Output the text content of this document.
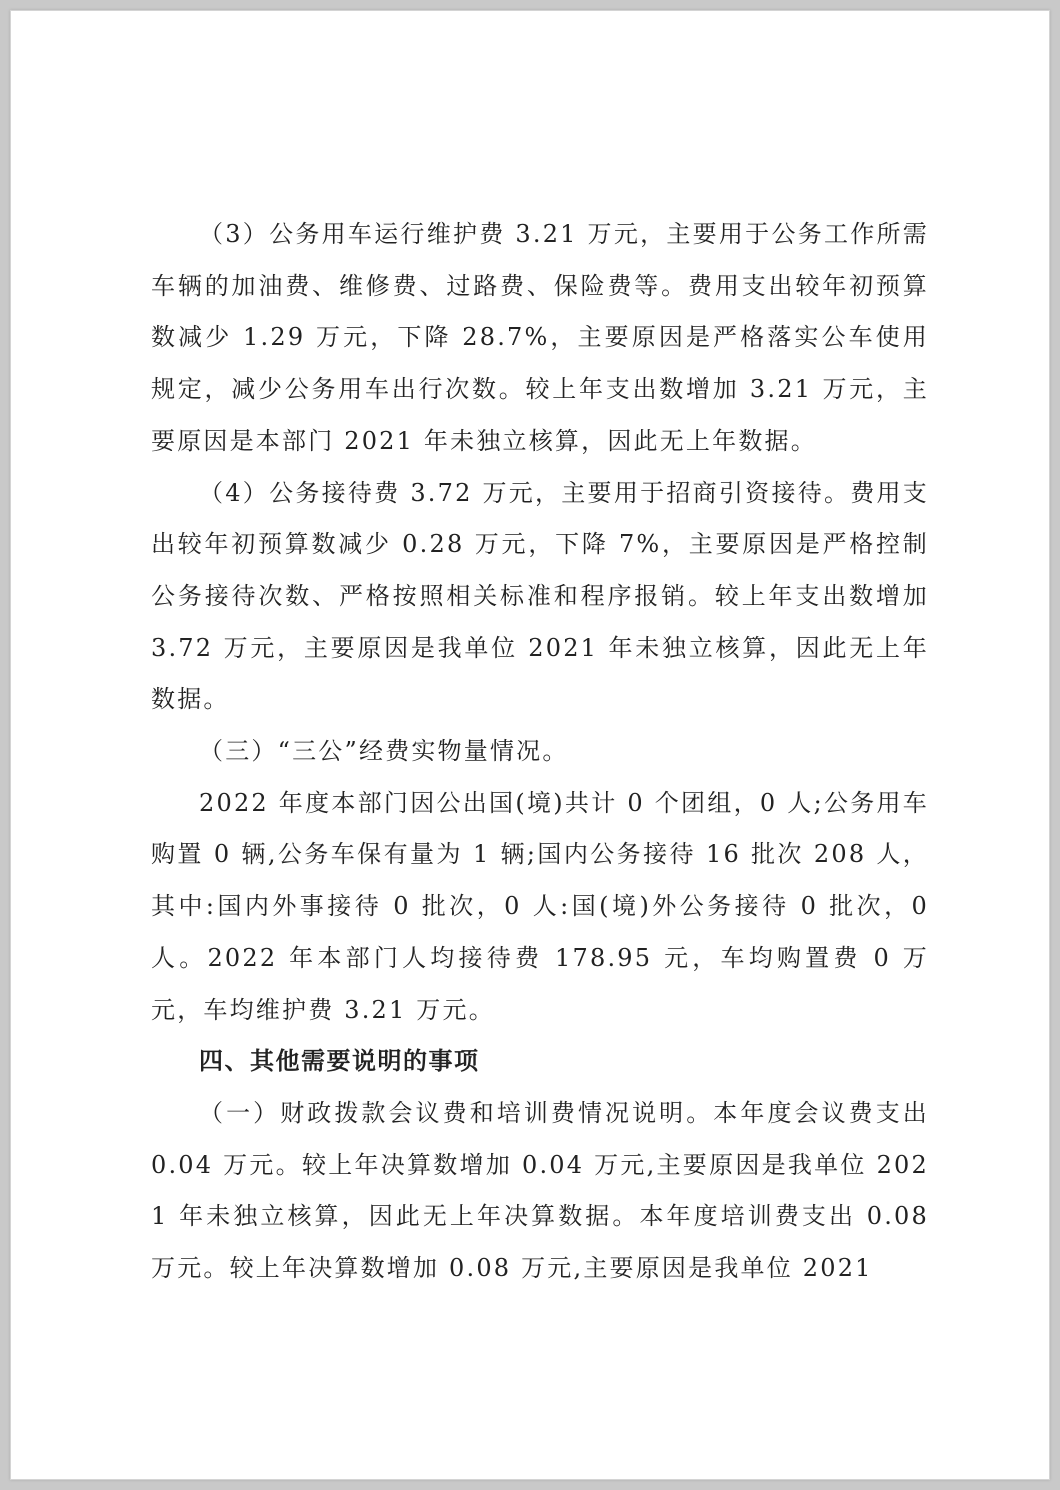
（3）公务用车运行维护费 3.21 万元，主要用于公务工作所需车辆的加油费、维修费、过路费、保险费等。费用支出较年初预算数减少 1.29 万元，下降 28.7%，主要原因是严格落实公车使用规定，减少公务用车出行次数。较上年支出数增加 3.21 万元，主要原因是本部门 2021 年未独立核算，因此无上年数据。

（4）公务接待费 3.72 万元，主要用于招商引资接待。费用支出较年初预算数减少 0.28 万元，下降 7%，主要原因是严格控制公务接待次数、严格按照相关标准和程序报销。较上年支出数增加 3.72 万元，主要原因是我单位 2021 年未独立核算，因此无上年数据。

（三）“三公”经费实物量情况。

2022 年度本部门因公出国(境)共计 0 个团组，0 人;公务用车购置 0 辆,公务车保有量为 1 辆;国内公务接待 16 批次 208 人，其中:国内外事接待 0 批次，0 人:国(境)外公务接待 0 批次，0 人。2022 年本部门人均接待费 178.95 元，车均购置费 0 万元，车均维护费 3.21 万元。

四、其他需要说明的事项

（一）财政拨款会议费和培训费情况说明。本年度会议费支出 0.04 万元。较上年决算数增加 0.04 万元,主要原因是我单位 2021 年未独立核算，因此无上年决算数据。本年度培训费支出 0.08 万元。较上年决算数增加 0.08 万元,主要原因是我单位 2021
